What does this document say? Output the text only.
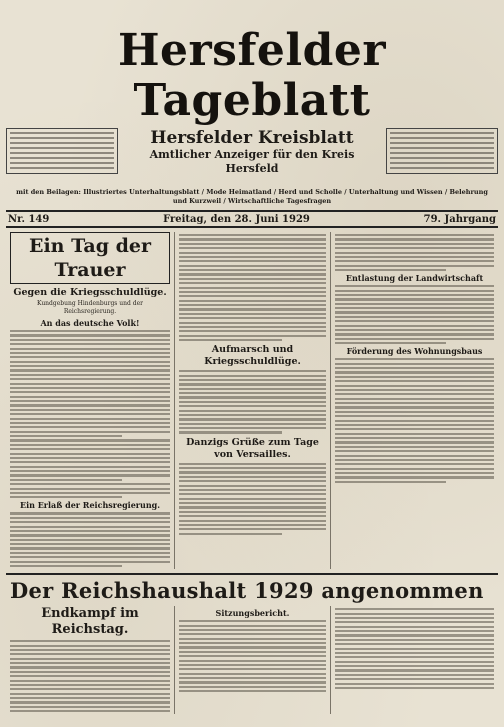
Hersfelder Tageblatt
Hersfelder Kreisblatt
Amtlicher Anzeiger für den Kreis Hersfeld
mit den Beilagen: Illustriertes Unterhaltungsblatt / Mode Heimatland / Herd und Scholle / Unterhaltung und Wissen / Belehrung und Kurzweil / Wirtschaftliche Tagesfragen
Nr. 149	Freitag, den 28. Juni 1929	79. Jahrgang
Ein Tag der Trauer
Gegen die Kriegsschuldlüge.
Kundgebung Hindenburgs und der Reichsregierung.
An das deutsche Volk!
Ein Erlaß der Reichsregierung.
Aufmarsch und Kriegsschuldlüge.
Danzigs Grüße zum Tage von Versailles.
Entlastung der Landwirtschaft
Förderung des Wohnungsbaus
Der Reichshaushalt 1929 angenommen
Endkampf im Reichstag.
Sitzungsbericht.
